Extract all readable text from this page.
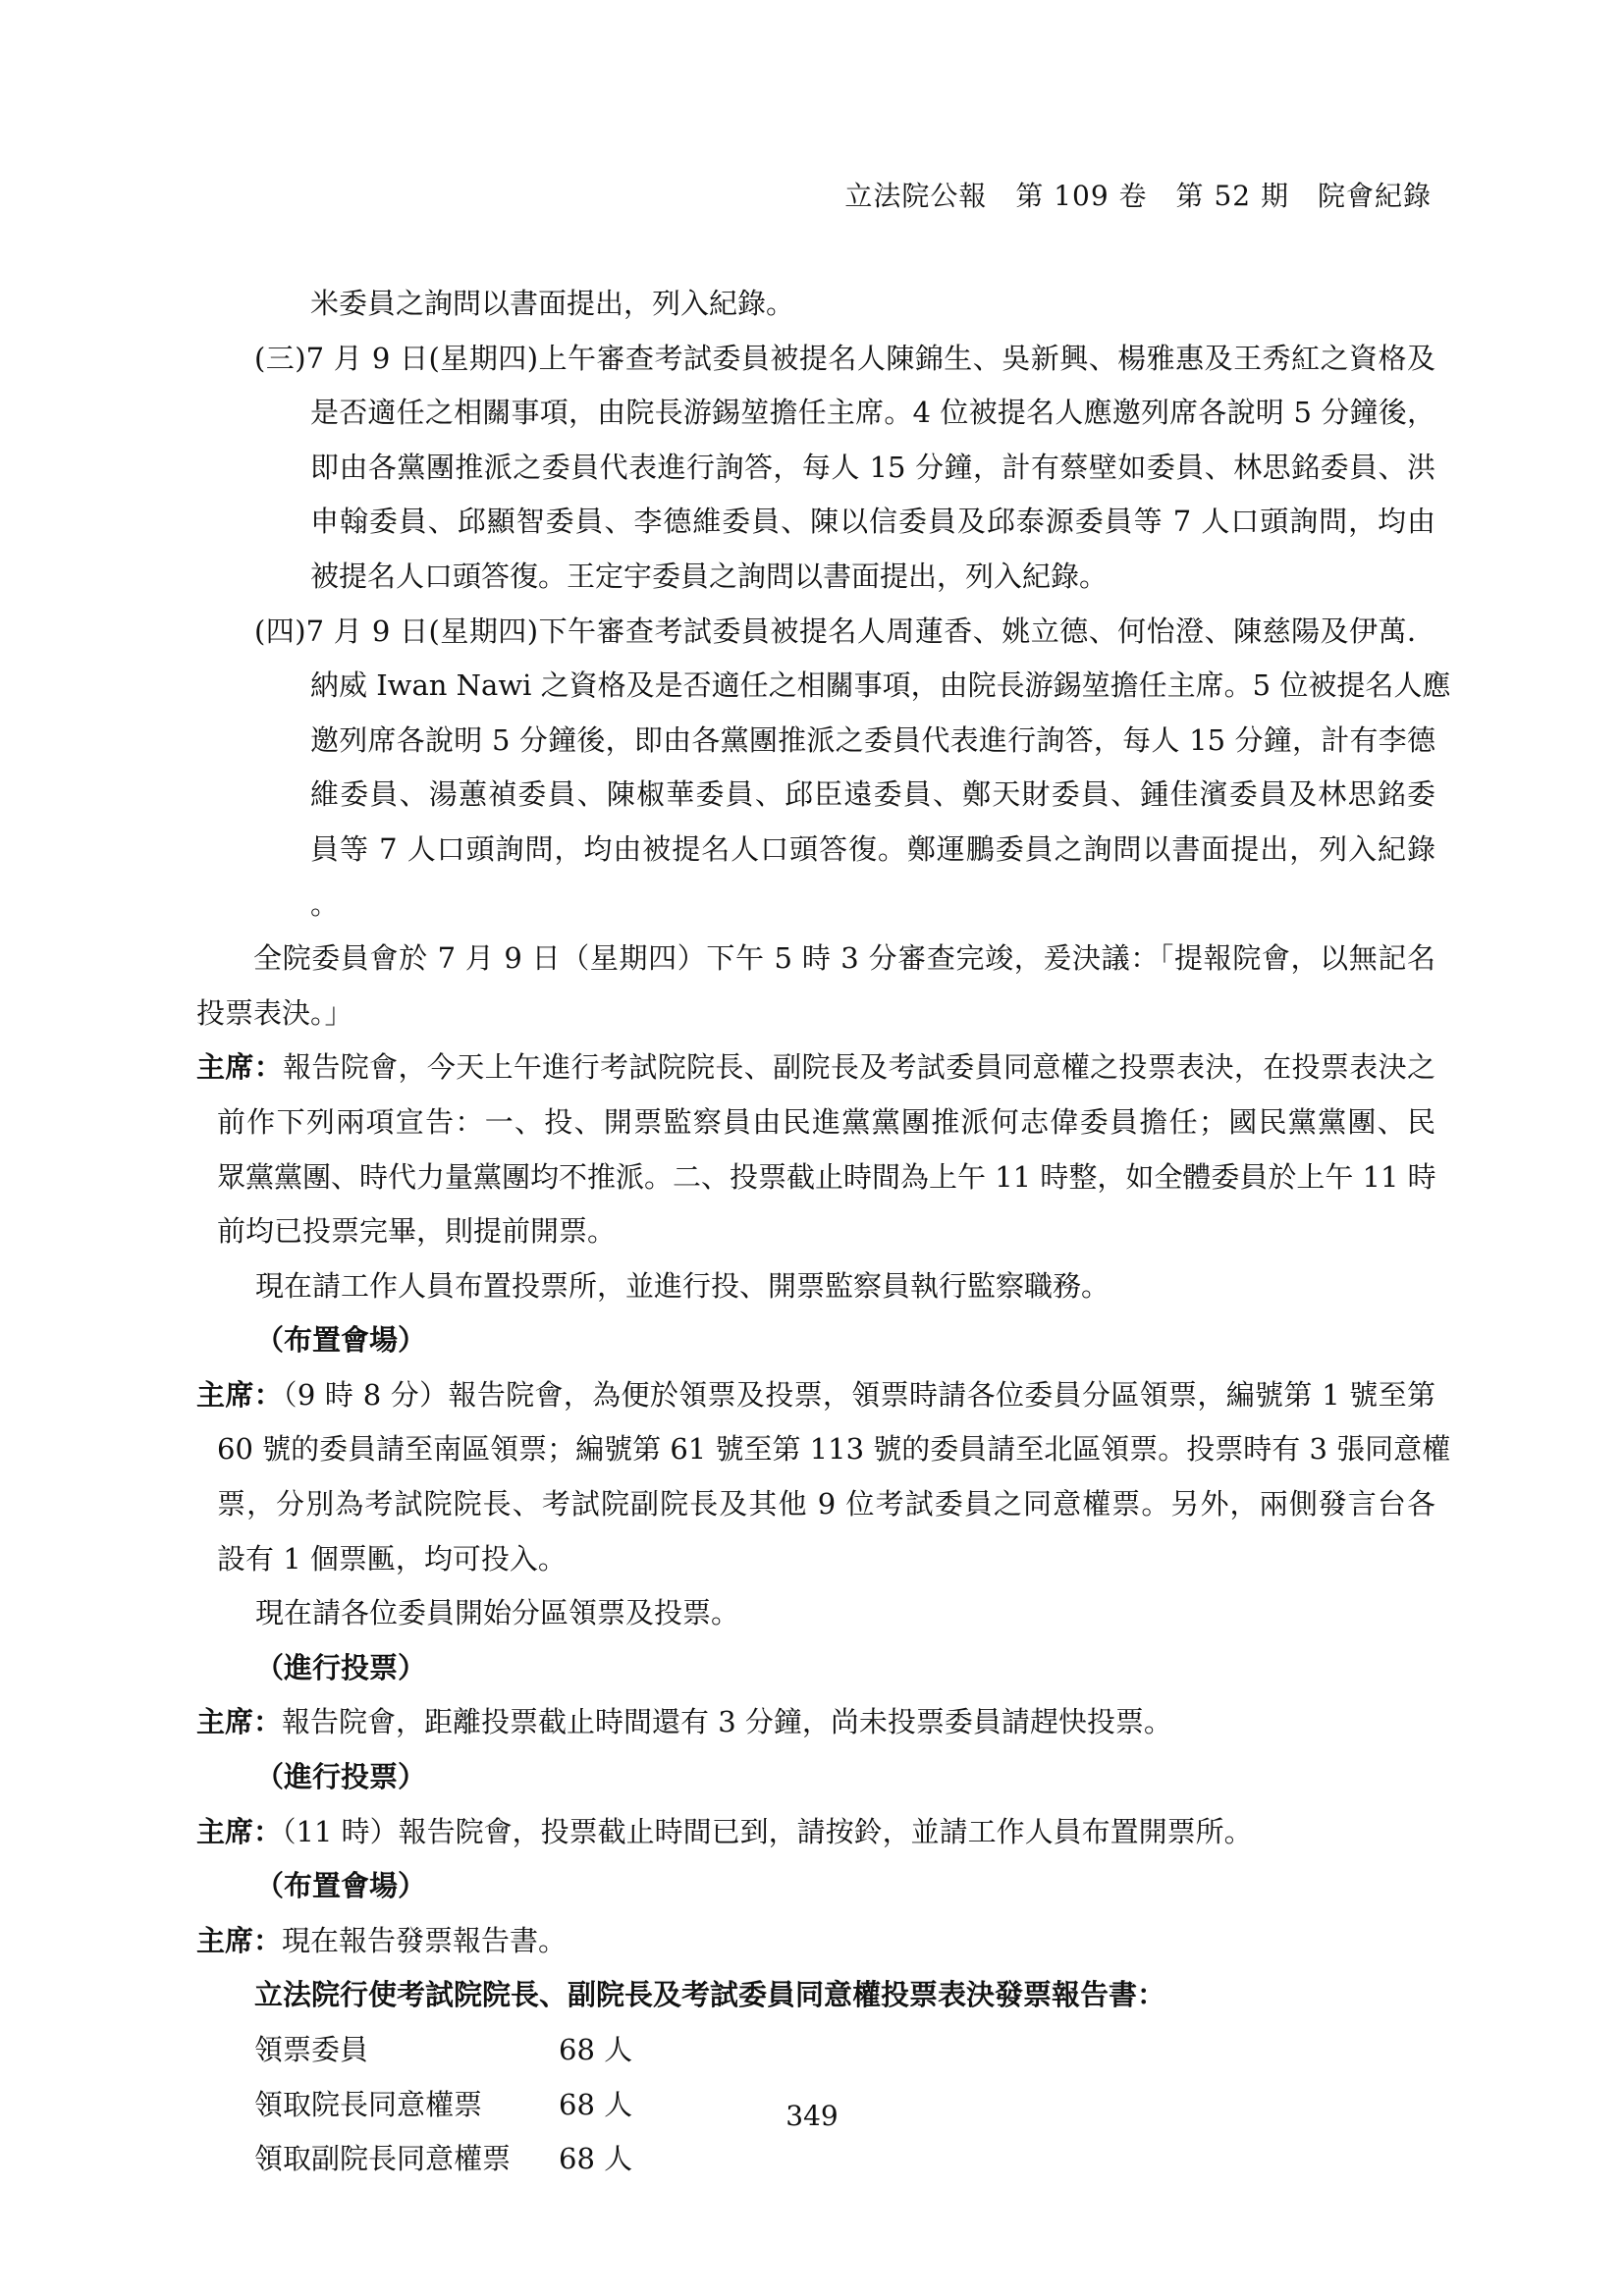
立法院公報　第 109 卷　第 52 期　院會紀錄
米委員之詢問以書面提出，列入紀錄。
(三)7 月 9 日(星期四)上午審查考試委員被提名人陳錦生、吳新興、楊雅惠及王秀紅之資格及
是否適任之相關事項，由院長游錫堃擔任主席。4 位被提名人應邀列席各說明 5 分鐘後，
即由各黨團推派之委員代表進行詢答，每人 15 分鐘，計有蔡壁如委員、林思銘委員、洪
申翰委員、邱顯智委員、李德維委員、陳以信委員及邱泰源委員等 7 人口頭詢問，均由
被提名人口頭答復。王定宇委員之詢問以書面提出，列入紀錄。
(四)7 月 9 日(星期四)下午審查考試委員被提名人周蓮香、姚立德、何怡澄、陳慈陽及伊萬．
納威 Iwan Nawi 之資格及是否適任之相關事項，由院長游錫堃擔任主席。5 位被提名人應
邀列席各說明 5 分鐘後，即由各黨團推派之委員代表進行詢答，每人 15 分鐘，計有李德
維委員、湯蕙禎委員、陳椒華委員、邱臣遠委員、鄭天財委員、鍾佳濱委員及林思銘委
員等 7 人口頭詢問，均由被提名人口頭答復。鄭運鵬委員之詢問以書面提出，列入紀錄
。
全院委員會於 7 月 9 日（星期四）下午 5 時 3 分審查完竣，爰決議：「提報院會，以無記名
投票表決。」
主席：報告院會，今天上午進行考試院院長、副院長及考試委員同意權之投票表決，在投票表決之
前作下列兩項宣告：一、投、開票監察員由民進黨黨團推派何志偉委員擔任；國民黨黨團、民
眾黨黨團、時代力量黨團均不推派。二、投票截止時間為上午 11 時整，如全體委員於上午 11 時
前均已投票完畢，則提前開票。
現在請工作人員布置投票所，並進行投、開票監察員執行監察職務。
（布置會場）
主席：（9 時 8 分）報告院會，為便於領票及投票，領票時請各位委員分區領票，編號第 1 號至第
60 號的委員請至南區領票；編號第 61 號至第 113 號的委員請至北區領票。投票時有 3 張同意權
票，分別為考試院院長、考試院副院長及其他 9 位考試委員之同意權票。另外，兩側發言台各
設有 1 個票匭，均可投入。
現在請各位委員開始分區領票及投票。
（進行投票）
主席：報告院會，距離投票截止時間還有 3 分鐘，尚未投票委員請趕快投票。
（進行投票）
主席：（11 時）報告院會，投票截止時間已到，請按鈴，並請工作人員布置開票所。
（布置會場）
主席：現在報告發票報告書。
立法院行使考試院院長、副院長及考試委員同意權投票表決發票報告書：
領票委員	68 人
領取院長同意權票	68 人
領取副院長同意權票 68 人
349
